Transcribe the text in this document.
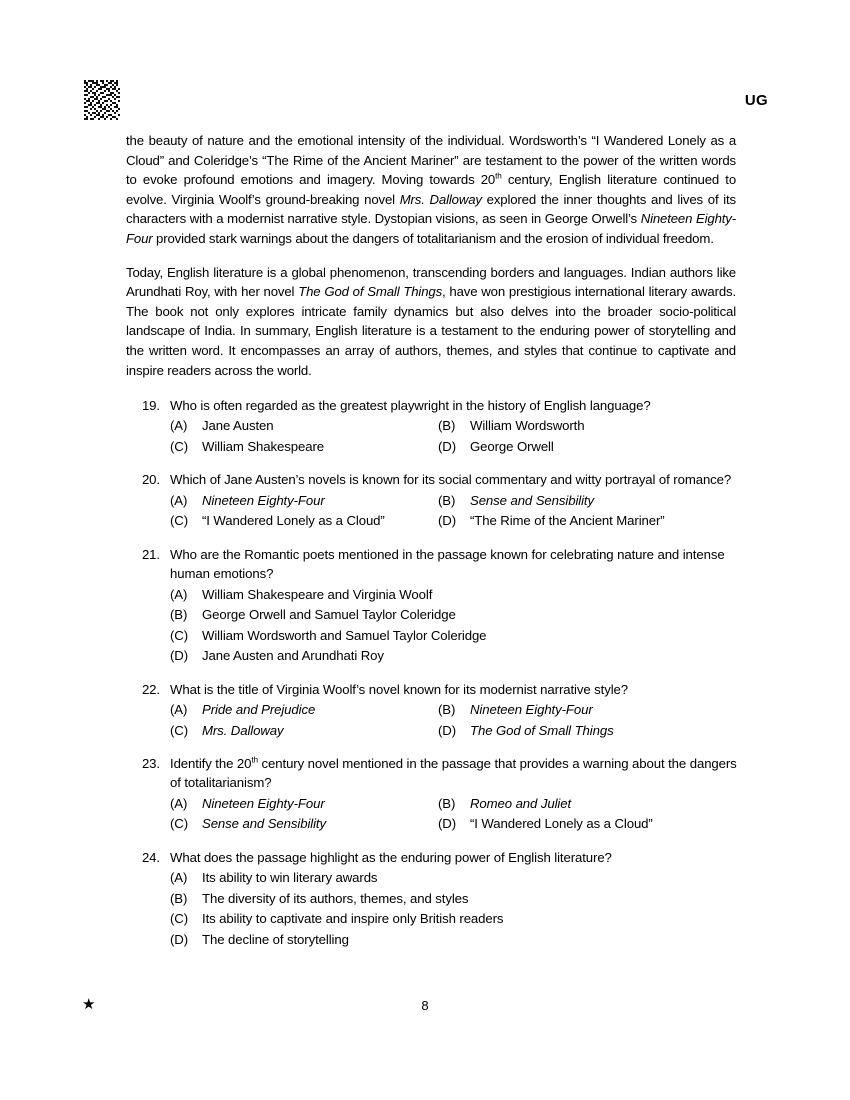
UG

the beauty of nature and the emotional intensity of the individual. Wordsworth’s “I Wandered Lonely as a Cloud” and Coleridge’s “The Rime of the Ancient Mariner” are testament to the power of the written words to evoke profound emotions and imagery. Moving towards 20th century, English literature continued to evolve. Virginia Woolf’s ground-breaking novel Mrs. Dalloway explored the inner thoughts and lives of its characters with a modernist narrative style. Dystopian visions, as seen in George Orwell’s Nineteen Eighty-Four provided stark warnings about the dangers of totalitarianism and the erosion of individual freedom.

Today, English literature is a global phenomenon, transcending borders and languages. Indian authors like Arundhati Roy, with her novel The God of Small Things, have won prestigious international literary awards. The book not only explores intricate family dynamics but also delves into the broader socio-political landscape of India. In summary, English literature is a testament to the enduring power of storytelling and the written word. It encompasses an array of authors, themes, and styles that continue to captivate and inspire readers across the world.

19. Who is often regarded as the greatest playwright in the history of English language?
(A) Jane Austen	(B) William Wordsworth
(C) William Shakespeare	(D) George Orwell
20. Which of Jane Austen’s novels is known for its social commentary and witty portrayal of romance?
(A) Nineteen Eighty-Four	(B) Sense and Sensibility
(C) “I Wandered Lonely as a Cloud”	(D) “The Rime of the Ancient Mariner”
21. Who are the Romantic poets mentioned in the passage known for celebrating nature and intense human emotions?
(A) William Shakespeare and Virginia Woolf
(B) George Orwell and Samuel Taylor Coleridge
(C) William Wordsworth and Samuel Taylor Coleridge
(D) Jane Austen and Arundhati Roy
22. What is the title of Virginia Woolf’s novel known for its modernist narrative style?
(A) Pride and Prejudice	(B) Nineteen Eighty-Four
(C) Mrs. Dalloway	(D) The God of Small Things
23. Identify the 20th century novel mentioned in the passage that provides a warning about the dangers of totalitarianism?
(A) Nineteen Eighty-Four	(B) Romeo and Juliet
(C) Sense and Sensibility	(D) “I Wandered Lonely as a Cloud”
24. What does the passage highlight as the enduring power of English literature?
(A) Its ability to win literary awards
(B) The diversity of its authors, themes, and styles
(C) Its ability to captivate and inspire only British readers
(D) The decline of storytelling
★	8
